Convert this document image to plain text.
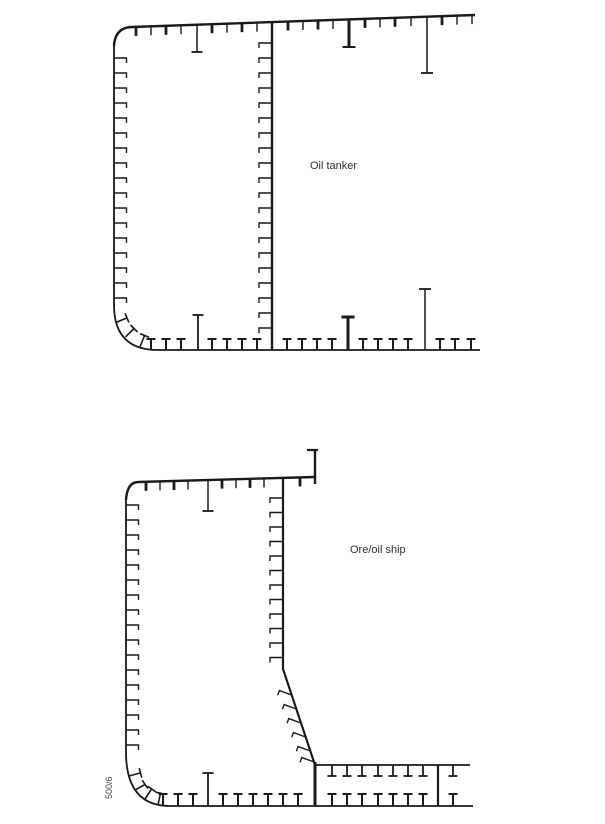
Oil tanker
Ore/oil ship
500/6
